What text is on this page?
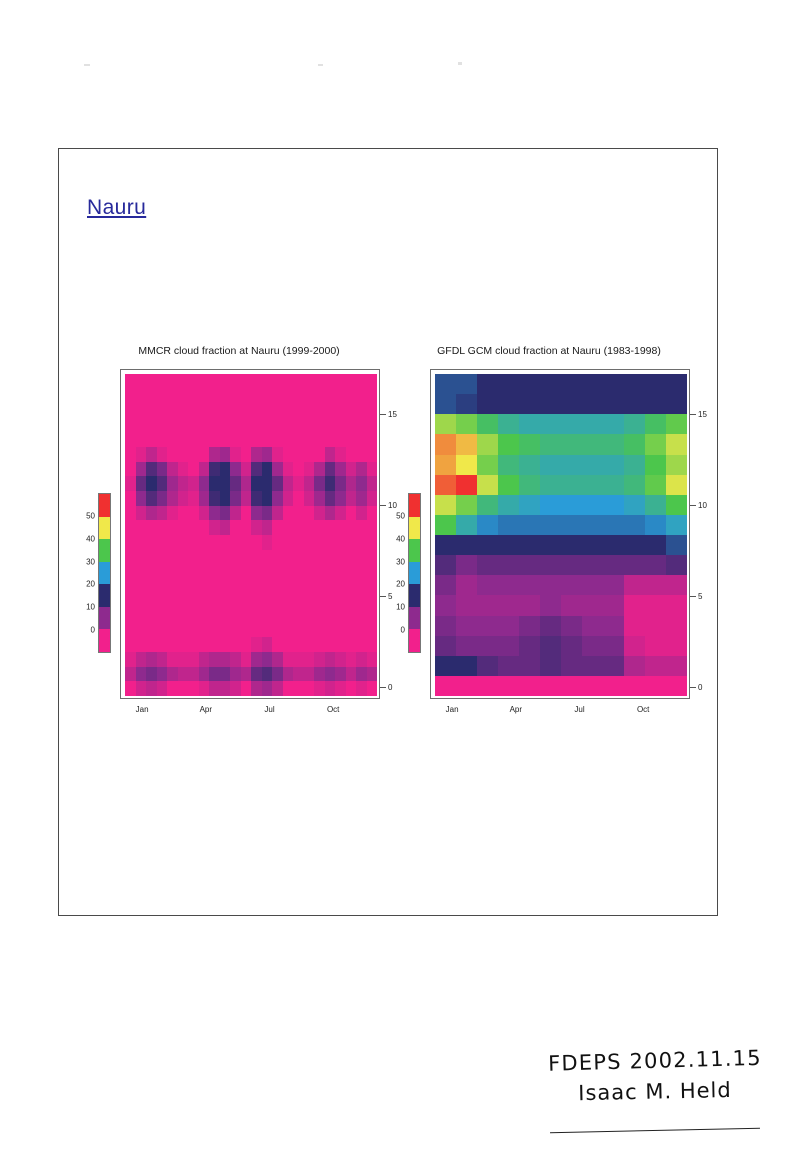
Nauru
MMCR cloud fraction at Nauru (1999-2000)
0
10
20
30
40
50
0
5
10
15
Jan	Apr	Jul	Oct
GFDL GCM cloud fraction at Nauru (1983-1998)
0
10
20
30
40
50
0
5
10
15
Jan	Apr	Jul	Oct
FDEPS 2002.11.15
Isaac M. Held
